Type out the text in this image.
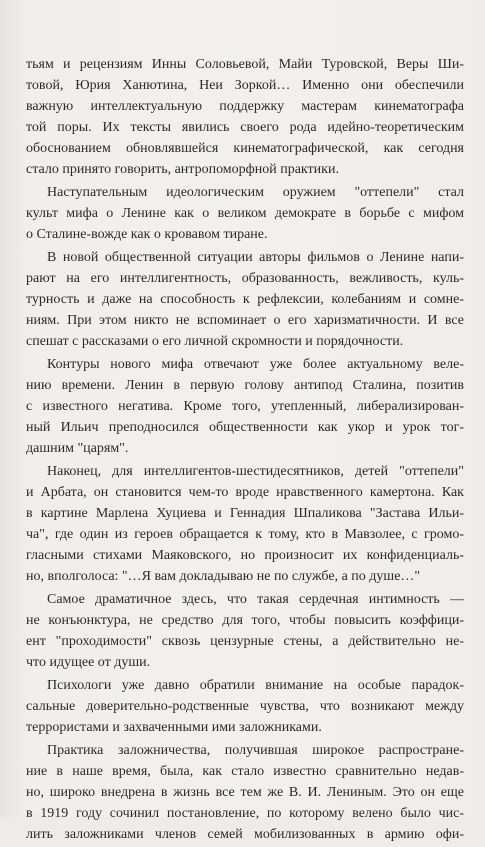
тьям и рецензиям Инны Соловьевой, Майи Туровской, Веры Ши-
товой, Юрия Ханютина, Неи Зоркой… Именно они обеспечили
важную интеллектуальную поддержку мастерам кинематографа
той поры. Их тексты явились своего рода идейно-теоретическим
обоснованием обновлявшейся кинематографической, как сегодня
стало принято говорить, антропоморфной практики.
Наступательным идеологическим оружием "оттепели" стал
культ мифа о Ленине как о великом демократе в борьбе с мифом
о Сталине-вожде как о кровавом тиране.
В новой общественной ситуации авторы фильмов о Ленине напи-
рают на его интеллигентность, образованность, вежливость, куль-
турность и даже на способность к рефлексии, колебаниям и сомне-
ниям. При этом никто не вспоминает о его харизматичности. И все
спешат с рассказами о его личной скромности и порядочности.
Контуры нового мифа отвечают уже более актуальному веле-
нию времени. Ленин в первую голову антипод Сталина, позитив
с известного негатива. Кроме того, утепленный, либерализирован-
ный Ильич преподносился общественности как укор и урок тог-
дашним "царям".
Наконец, для интеллигентов-шестидесятников, детей "оттепели"
и Арбата, он становится чем-то вроде нравственного камертона. Как
в картине Марлена Хуциева и Геннадия Шпаликова "Застава Ильи-
ча", где один из героев обращается к тому, кто в Мавзолее, с громо-
гласными стихами Маяковского, но произносит их конфиденциаль-
но, вполголоса: "…Я вам докладываю не по службе, а по душе…"
Самое драматичное здесь, что такая сердечная интимность —
не конъюнктура, не средство для того, чтобы повысить коэффици-
ент "проходимости" сквозь цензурные стены, а действительно не-
что идущее от души.
Психологи уже давно обратили внимание на особые парадок-
сальные доверительно-родственные чувства, что возникают между
террористами и захваченными ими заложниками.
Практика заложничества, получившая широкое распростране-
ние в наше время, была, как стало известно сравнительно недав-
но, широко внедрена в жизнь все тем же В. И. Лениным. Это он еще
в 1919 году сочинил постановление, по которому велено было чис-
лить заложниками членов семей мобилизованных в армию офи-
